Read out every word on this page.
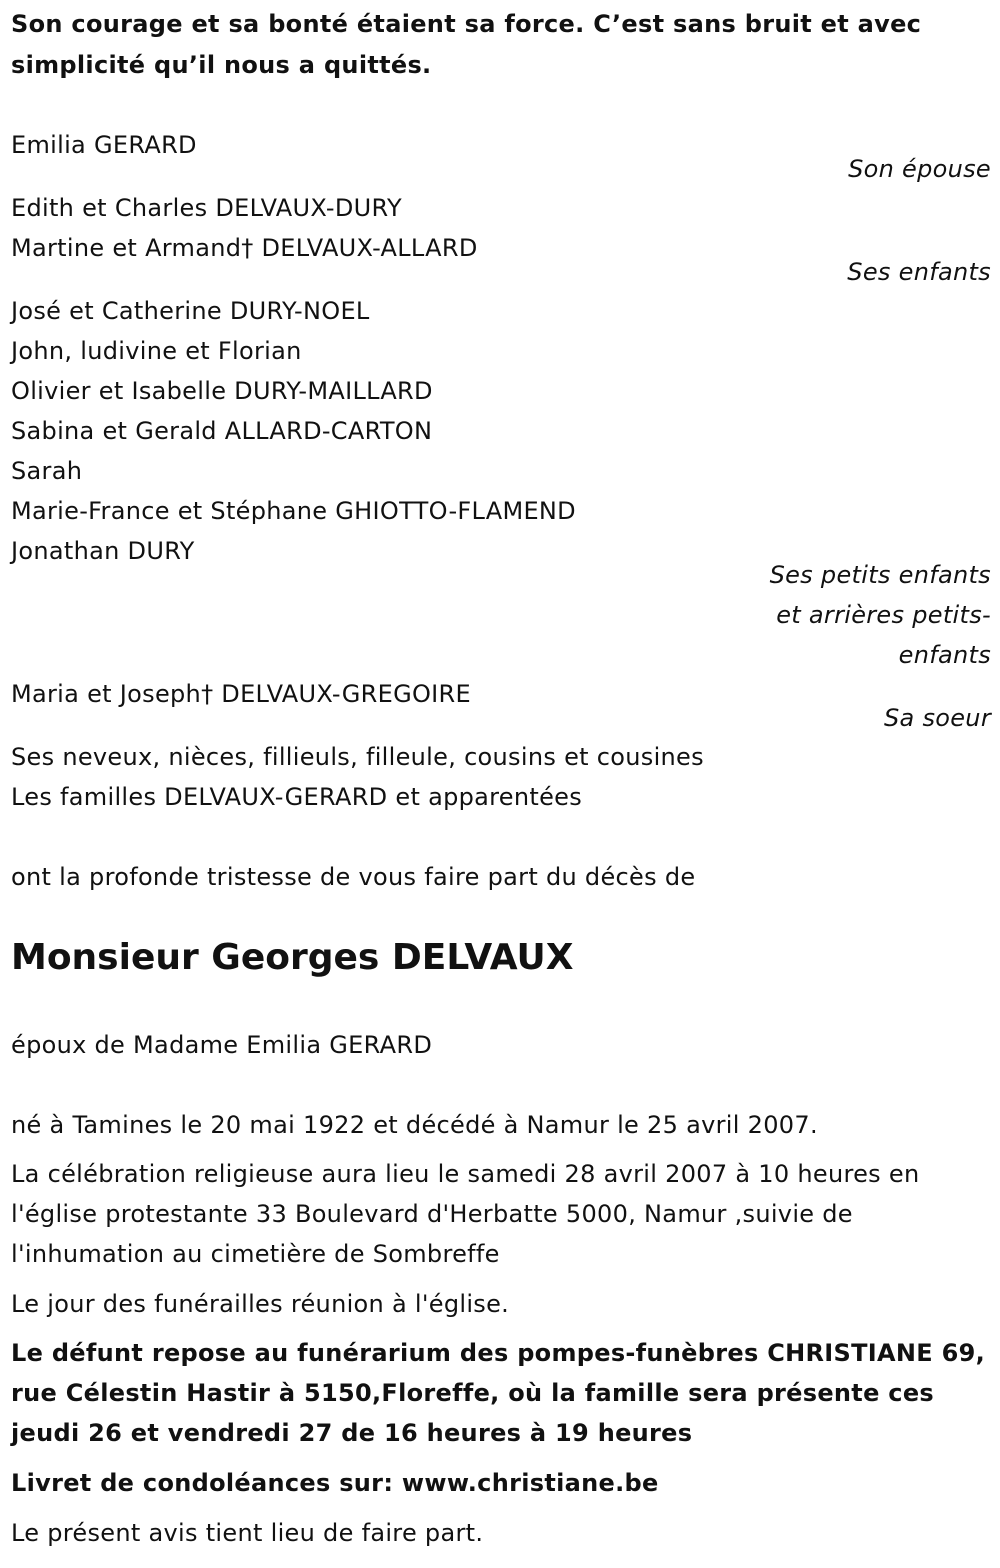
Son courage et sa bonté étaient sa force. C’est sans bruit et avec
simplicité qu’il nous a quittés.
Emilia GERARD
Son épouse
Edith et Charles DELVAUX-DURY
Martine et Armand† DELVAUX-ALLARD
Ses enfants
José et Catherine DURY-NOEL
John, ludivine et Florian
Olivier et Isabelle DURY-MAILLARD
Sabina et Gerald ALLARD-CARTON
Sarah
Marie-France et Stéphane GHIOTTO-FLAMEND
Jonathan DURY
Ses petits enfants
et arrières petits-
enfants
Maria et Joseph† DELVAUX-GREGOIRE
Sa soeur
Ses neveux, nièces, fillieuls, filleule, cousins et cousines
Les familles DELVAUX-GERARD et apparentées
ont la profonde tristesse de vous faire part du décès de
Monsieur Georges DELVAUX
époux de Madame Emilia GERARD
né à Tamines le 20 mai 1922 et décédé à Namur le 25 avril 2007.
La célébration religieuse aura lieu le samedi 28 avril 2007 à 10 heures en
l'église protestante 33 Boulevard d'Herbatte 5000, Namur ,suivie de
l'inhumation au cimetière de Sombreffe
Le jour des funérailles réunion à l'église.
Le défunt repose au funérarium des pompes-funèbres CHRISTIANE 69,
rue Célestin Hastir à 5150,Floreffe, où la famille sera présente ces
jeudi 26 et vendredi 27 de 16 heures à 19 heures
Livret de condoléances sur: www.christiane.be
Le présent avis tient lieu de faire part.
